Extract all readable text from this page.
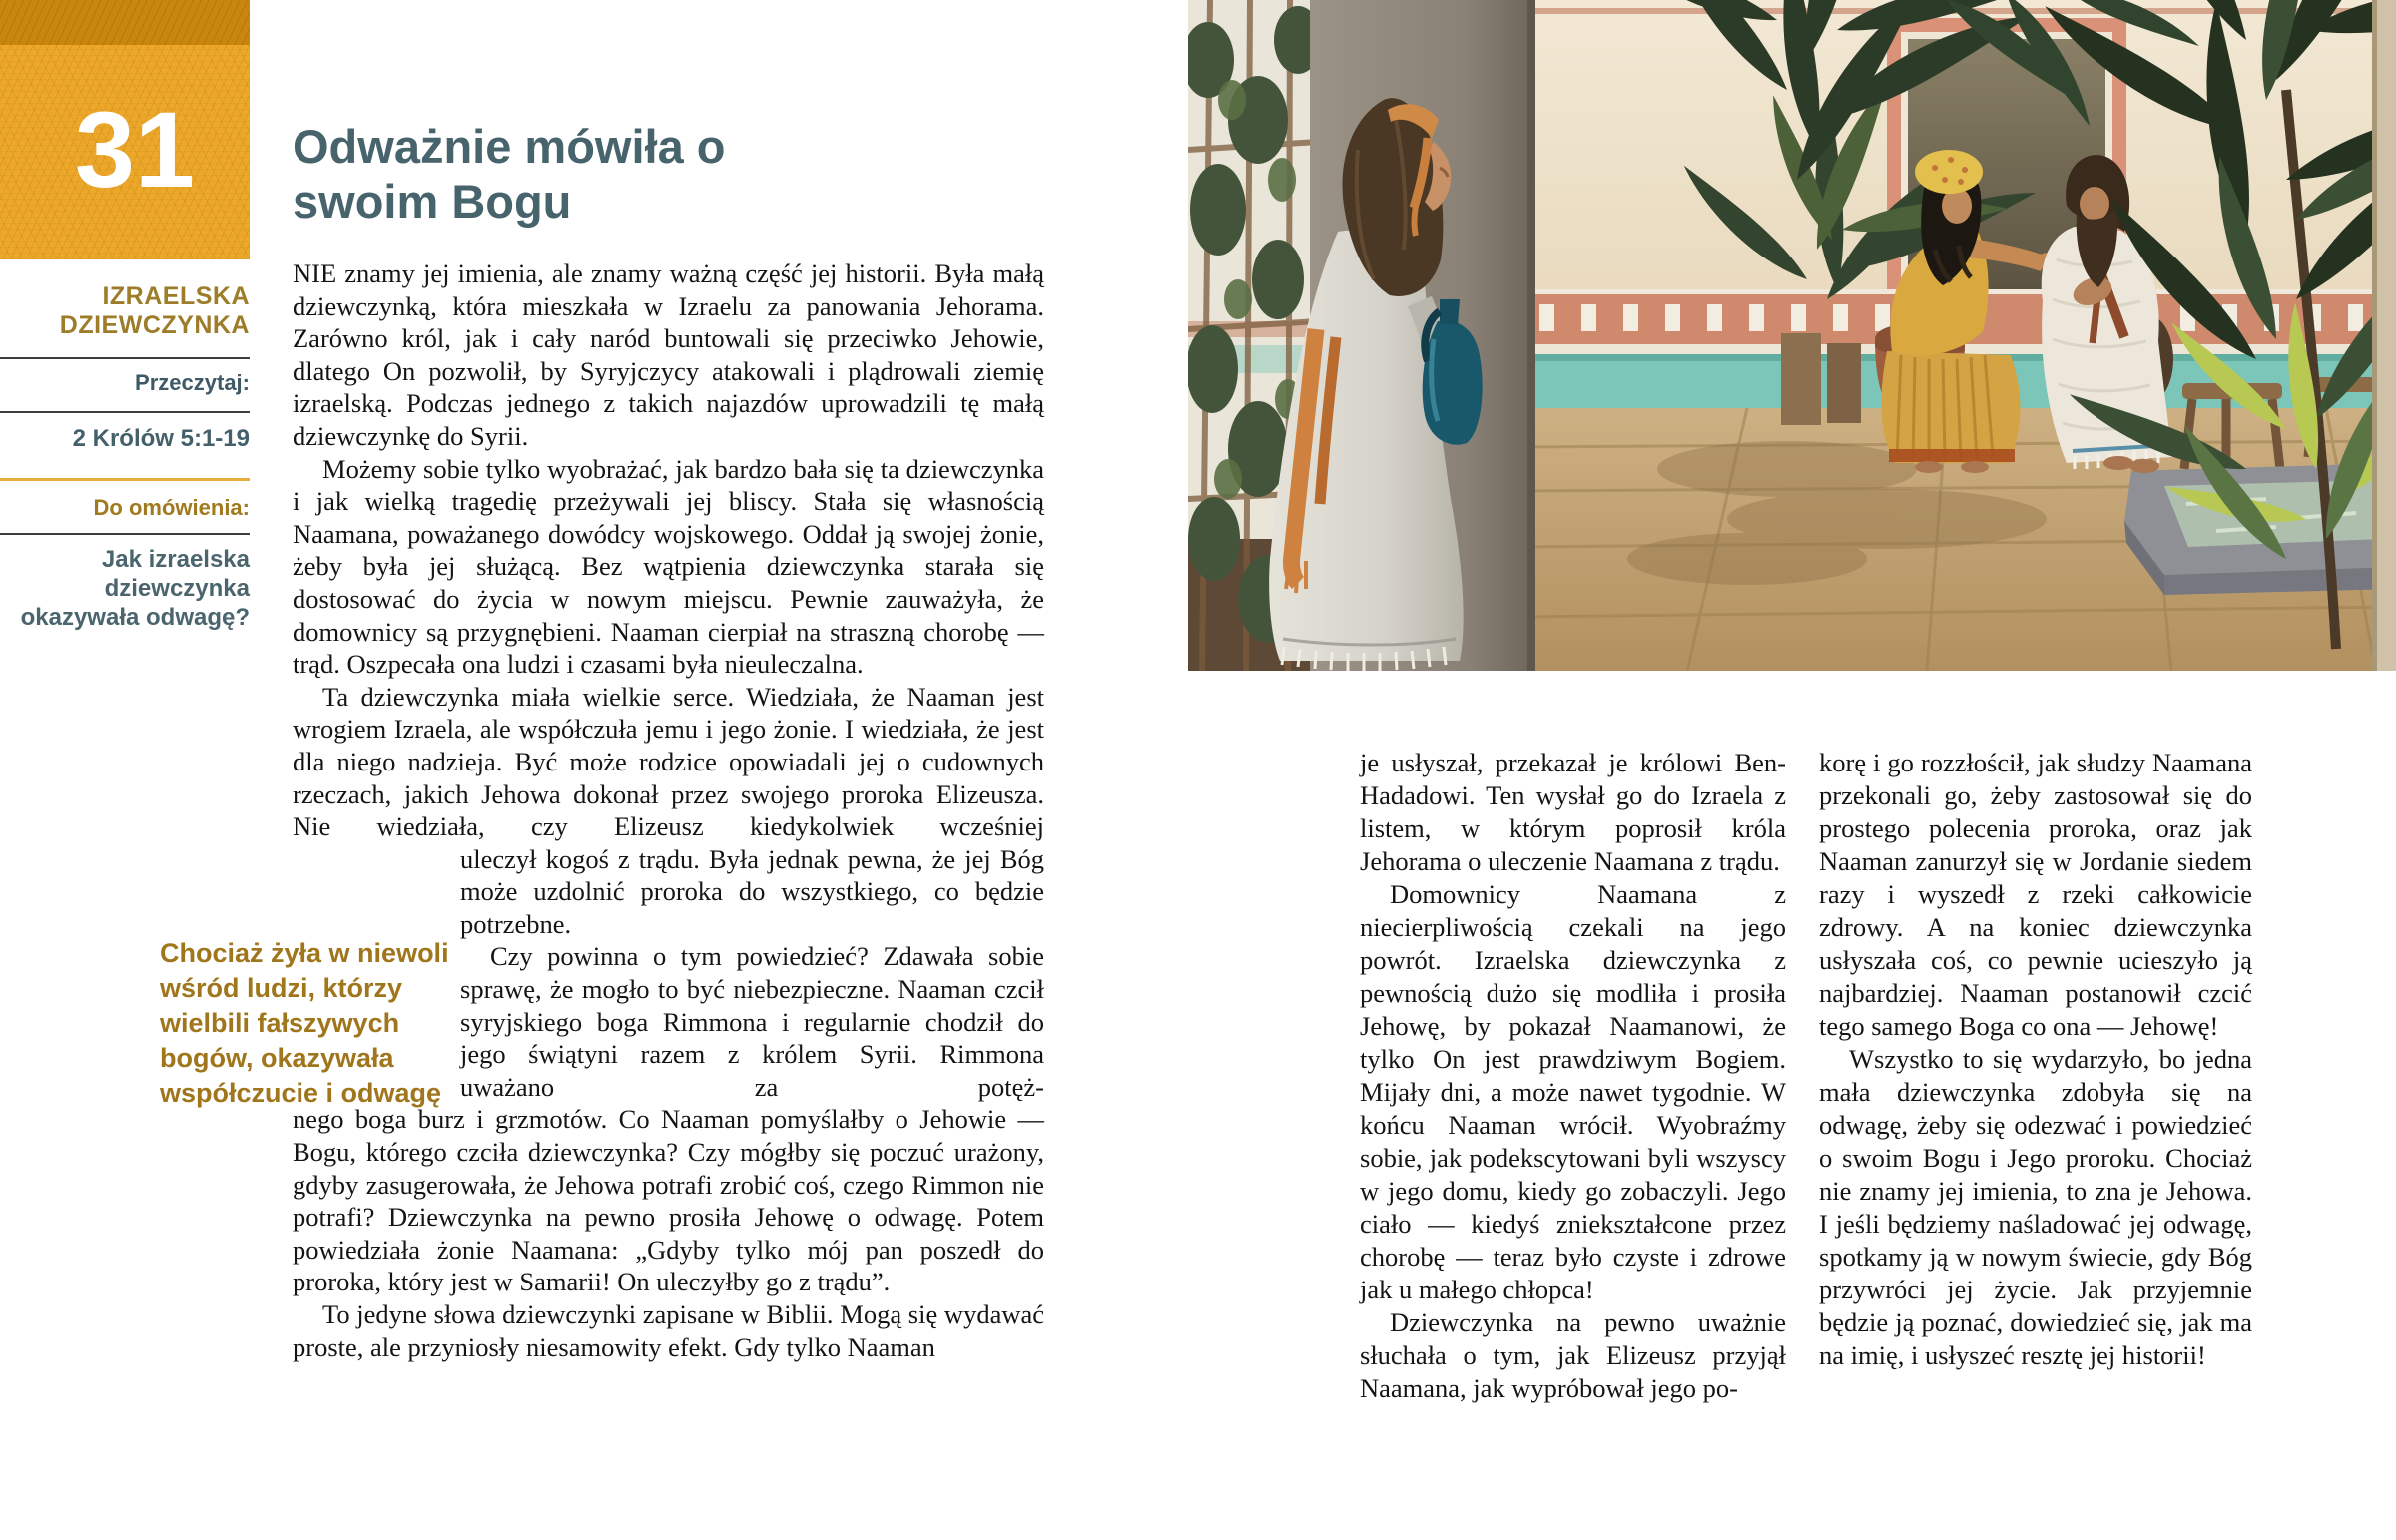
31
IZRAELSKA DZIEWCZYNKA
Przeczytaj:
2 Królów 5:1-19
Do omówienia:
Jak izraelska dziewczynka okazywała odwagę?
Odważnie mówiła o swoim Bogu

NIE znamy jej imienia, ale znamy ważną część jej historii. Była małą dziewczynką, która mieszkała w Izraelu za panowania Jehorama. Zarówno król, jak i cały naród buntowali się przeciwko Jehowie, dlatego On pozwolił, by Syryjczycy atakowali i plądrowali ziemię izraelską. Podczas jednego z takich najazdów uprowadzili tę małą dziewczynkę do Syrii.

Możemy sobie tylko wyobrażać, jak bardzo bała się ta dziewczynka i jak wielką tragedię przeżywali jej bliscy. Stała się własnością Naamana, poważanego dowódcy wojskowego. Oddał ją swojej żonie, żeby była jej służącą. Bez wątpienia dziewczynka starała się dostosować do życia w nowym miejscu. Pewnie zauważyła, że domownicy są przygnębieni. Naaman cierpiał na straszną chorobę — trąd. Oszpecała ona ludzi i czasami była nieuleczalna.

Ta dziewczynka miała wielkie serce. Wiedziała, że Naaman jest wrogiem Izraela, ale współczuła jemu i jego żonie. I wiedziała, że jest dla niego nadzieja. Być może rodzice opowiadali jej o cudownych rzeczach, jakich Jehowa dokonał przez swojego proroka Elizeusza. Nie wiedziała, czy Elizeusz kiedykolwiek wcześniej

uleczył kogoś z trądu. Była jednak pewna, że jej Bóg może uzdolnić proroka do wszystkiego, co będzie potrzebne.

Czy powinna o tym powiedzieć? Zdawała sobie sprawę, że mogło to być niebezpieczne. Naaman czcił syryjskiego boga Rimmona i regularnie chodził do jego świątyni razem z królem Syrii. Rimmona uważano za potęż-

nego boga burz i grzmotów. Co Naaman pomyślałby o Jehowie — Bogu, którego czciła dziewczynka? Czy mógłby się poczuć urażony, gdyby zasugerowała, że Jehowa potrafi zrobić coś, czego Rimmon nie potrafi? Dziewczynka na pewno prosiła Jehowę o odwagę. Potem powiedziała żonie Naamana: „Gdyby tylko mój pan poszedł do proroka, który jest w Samarii! On uleczyłby go z trądu”.

To jedyne słowa dziewczynki zapisane w Biblii. Mogą się wydawać proste, ale przyniosły niesamowity efekt. Gdy tylko Naaman

Chociaż żyła w niewoli wśród ludzi, którzy wielbili fałszywych bogów, okazywała współczucie i odwagę

je usłyszał, przekazał je królowi Ben-Hadadowi. Ten wysłał go do Izraela z listem, w którym poprosił króla Jehorama o uleczenie Naamana z trądu.

Domownicy Naamana z niecierpliwością czekali na jego powrót. Izraelska dziewczynka z pewnością dużo się modliła i prosiła Jehowę, by pokazał Naamanowi, że tylko On jest prawdziwym Bogiem. Mijały dni, a może nawet tygodnie. W końcu Naaman wrócił. Wyobraźmy sobie, jak podekscytowani byli wszyscy w jego domu, kiedy go zobaczyli. Jego ciało — kiedyś zniekształcone przez chorobę — teraz było czyste i zdrowe jak u małego chłopca!

Dziewczynka na pewno uważnie słuchała o tym, jak Elizeusz przyjął Naamana, jak wypróbował jego po-

korę i go rozzłościł, jak słudzy Naamana przekonali go, żeby zastosował się do prostego polecenia proroka, oraz jak Naaman zanurzył się w Jordanie siedem razy i wyszedł z rzeki całkowicie zdrowy. A na koniec dziewczynka usłyszała coś, co pewnie ucieszyło ją najbardziej. Naaman postanowił czcić tego samego Boga co ona — Jehowę!

Wszystko to się wydarzyło, bo jedna mała dziewczynka zdobyła się na odwagę, żeby się odezwać i powiedzieć o swoim Bogu i Jego proroku. Chociaż nie znamy jej imienia, to zna je Jehowa. I jeśli będziemy naśladować jej odwagę, spotkamy ją w nowym świecie, gdy Bóg przywróci jej życie. Jak przyjemnie będzie ją poznać, dowiedzieć się, jak ma na imię, i usłyszeć resztę jej historii!
